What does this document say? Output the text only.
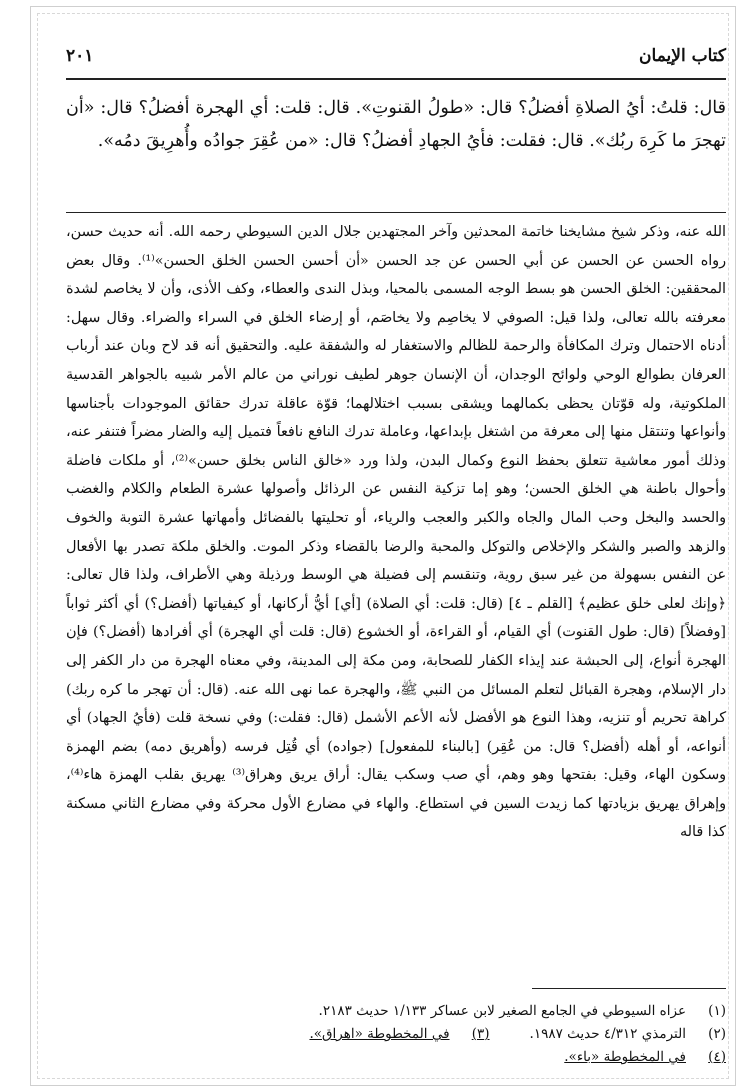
كتاب الإيمان
٢٠١

قال: قلتُ: أيُ الصلاةِ أفضلُ؟ قال: «طولُ القنوتِ». قال: قلت: أي الهجرة أفضلُ؟ قال: «أن تهجرَ ما كَرِهَ ربُك». قال: فقلت: فأيُ الجهادِ أفضلُ؟ قال: «من عُقِرَ جوادُه وأُهرِيقَ دمُه».

الله عنه، وذكر شيخ مشايخنا خاتمة المحدثين وآخر المجتهدين جلال الدين السيوطي رحمه الله. أنه حديث حسن، رواه الحسن عن الحسن عن أبي الحسن عن جد الحسن «أن أحسن الحسن الخلق الحسن»⁽¹⁾. وقال بعض المحققين: الخلق الحسن هو بسط الوجه المسمى بالمحيا، وبذل الندى والعطاء، وكف الأذى، وأن لا يخاصم لشدة معرفته بالله تعالى، ولذا قيل: الصوفي لا يخاصِم ولا يخاصَم، أو إرضاء الخلق في السراء والضراء. وقال سهل: أدناه الاحتمال وترك المكافأة والرحمة للظالم والاستغفار له والشفقة عليه. والتحقيق أنه قد لاح وبان عند أرباب العرفان بطوالع الوحي ولوائح الوجدان، أن الإنسان جوهر لطيف نوراني من عالم الأمر شبيه بالجواهر القدسية الملكوتية، وله قوّتان يحظى بكمالهما ويشقى بسبب اختلالهما؛ قوّة عاقلة تدرك حقائق الموجودات بأجناسها وأنواعها وتنتقل منها إلى معرفة من اشتغل بإبداعها، وعاملة تدرك النافع نافعاً فتميل إليه والضار مضراً فتنفر عنه، وذلك أمور معاشية تتعلق بحفظ النوع وكمال البدن، ولذا ورد «خالق الناس بخلق حسن»⁽²⁾، أو ملكات فاضلة وأحوال باطنة هي الخلق الحسن؛ وهو إما تزكية النفس عن الرذائل وأصولها عشرة الطعام والكلام والغضب والحسد والبخل وحب المال والجاه والكبر والعجب والرياء، أو تحليتها بالفضائل وأمهاتها عشرة التوبة والخوف والزهد والصبر والشكر والإخلاص والتوكل والمحبة والرضا بالقضاء وذكر الموت. والخلق ملكة تصدر بها الأفعال عن النفس بسهولة من غير سبق روية، وتنقسم إلى فضيلة هي الوسط ورذيلة وهي الأطراف، ولذا قال تعالى: ﴿وإنك لعلى خلق عظيم﴾ [القلم ـ ٤] (قال: قلت: أي الصلاة) [أي] أيُّ أركانها، أو كيفياتها (أفضل؟) أي أكثر ثواباً [وفضلاً] (قال: طول القنوت) أي القيام، أو القراءة، أو الخشوع (قال: قلت أي الهجرة) أي أفرادها (أفضل؟) فإن الهجرة أنواع، إلى الحبشة عند إيذاء الكفار للصحابة، ومن مكة إلى المدينة، وفي معناه الهجرة من دار الكفر إلى دار الإسلام، وهجرة القبائل لتعلم المسائل من النبي ﷺ، والهجرة عما نهى الله عنه. (قال: أن تهجر ما كره ربك) كراهة تحريم أو تنزيه، وهذا النوع هو الأفضل لأنه الأعم الأشمل (قال: فقلت:) وفي نسخة قلت (فأيُ الجهاد) أي أنواعه، أو أهله (أفضل؟ قال: من عُقِر) [بالبناء للمفعول] (جواده) أي قُتِل فرسه (وأهريق دمه) بضم الهمزة وسكون الهاء، وقيل: بفتحها وهو وهم، أي صب وسكب يقال: أراق يريق وهراق⁽³⁾ يهريق بقلب الهمزة هاء⁽⁴⁾، وإهراق يهريق بزيادتها كما زيدت السين في استطاع. والهاء في مضارع الأول محركة وفي مضارع الثاني مسكنة كذا قاله

(١)
عزاه السيوطي في الجامع الصغير لابن عساكر ١/١٣٣ حديث ٢١٨٣.
(٢)
الترمذي ٤/٣١٢ حديث ١٩٨٧.
(٣)
في المخطوطة «اهراق».
(٤)
في المخطوطة «باء».
